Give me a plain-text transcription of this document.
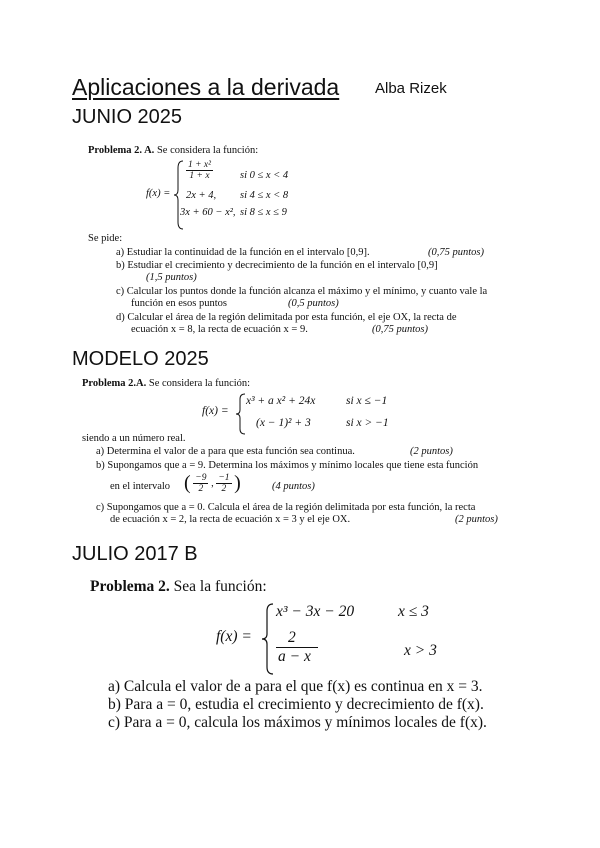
Aplicaciones a la derivada Alba Rizek
JUNIO 2025
Problema 2. A. Se considera la función:
f(x) =
$\frac{\text{1 + x²}}{1 + x}$	si 0 ≤ x < 4
2x + 4, si 4 ≤ x < 8
3x + 60 − x², si 8 ≤ x ≤ 9
Se pide:
a) Estudiar la continuidad de la función en el intervalo [0,9].	(0,75 puntos)
b) Estudiar el crecimiento y decrecimiento de la función en el intervalo [0,9]
(1,5 puntos)
c) Calcular los puntos donde la función alcanza el máximo y el mínimo, y cuanto vale la
función en esos puntos	(0,5 puntos)
d) Calcular el área de la región delimitada por esta función, el eje OX, la recta de
ecuación x = 8, la recta de ecuación x = 9.	(0,75 puntos)
MODELO 2025
Problema 2.A. Se considera la función:
f(x) =
x³ + a x² + 24x	si x ≤ −1
(x − 1)² + 3	si x > −1
siendo a un número real.
a) Determina el valor de a para que esta función sea continua.	(2 puntos)
b) Supongamos que a = 9. Determina los máximos y mínimo locales que tiene esta función
en el intervalo ( $\frac{-9}{2}$ , $\frac{-1}{2}$ )	(4 puntos)
c) Supongamos que a = 0. Calcula el área de la región delimitada por esta función, la recta
de ecuación x = 2, la recta de ecuación x = 3 y el eje OX.	(2 puntos)
JULIO 2017 B
Problema 2. Sea la función:
f(x) =
x³ − 3x − 20	x ≤ 3
$\frac{2}{a - x}$	x > 3
a) Calcula el valor de a para el que f(x) es continua en x = 3.
b) Para a = 0, estudia el crecimiento y decrecimiento de f(x).
c) Para a = 0, calcula los máximos y mínimos locales de f(x).
